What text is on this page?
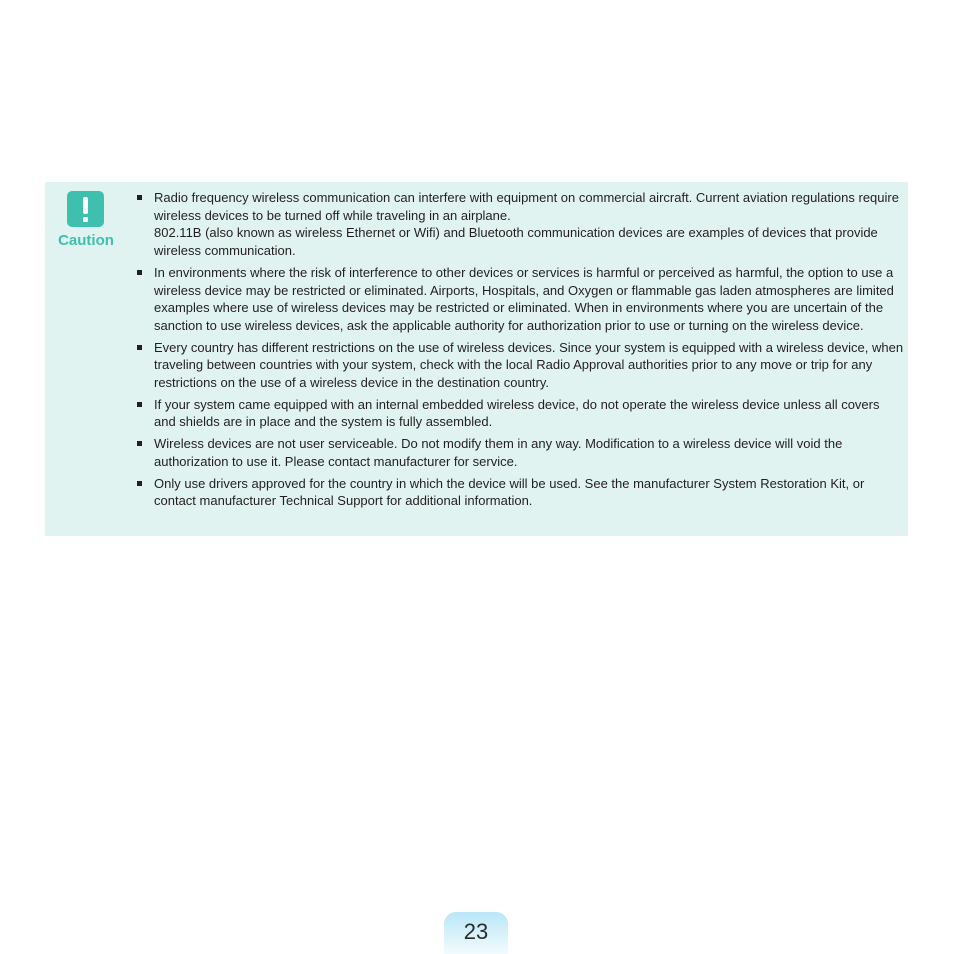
Caution
Radio frequency wireless communication can interfere with equipment on commercial aircraft. Current aviation regulations require wireless devices to be turned off while traveling in an airplane.
802.11B (also known as wireless Ethernet or Wifi) and Bluetooth communication devices are examples of devices that provide wireless communication.
In environments where the risk of interference to other devices or services is harmful or perceived as harmful, the option to use a wireless device may be restricted or eliminated. Airports, Hospitals, and Oxygen or flammable gas laden atmospheres are limited examples where use of wireless devices may be restricted or eliminated. When in environments where you are uncertain of the sanction to use wireless devices, ask the applicable authority for authorization prior to use or turning on the wireless device.
Every country has different restrictions on the use of wireless devices. Since your system is equipped with a wireless device, when traveling between countries with your system, check with the local Radio Approval authorities prior to any move or trip for any restrictions on the use of a wireless device in the destination country.
If your system came equipped with an internal embedded wireless device, do not operate the wireless device unless all covers and shields are in place and the system is fully assembled.
Wireless devices are not user serviceable. Do not modify them in any way. Modification to a wireless device will void the authorization to use it. Please contact manufacturer for service.
Only use drivers approved for the country in which the device will be used. See the manufacturer System Restoration Kit, or contact manufacturer Technical Support for additional information.
23
